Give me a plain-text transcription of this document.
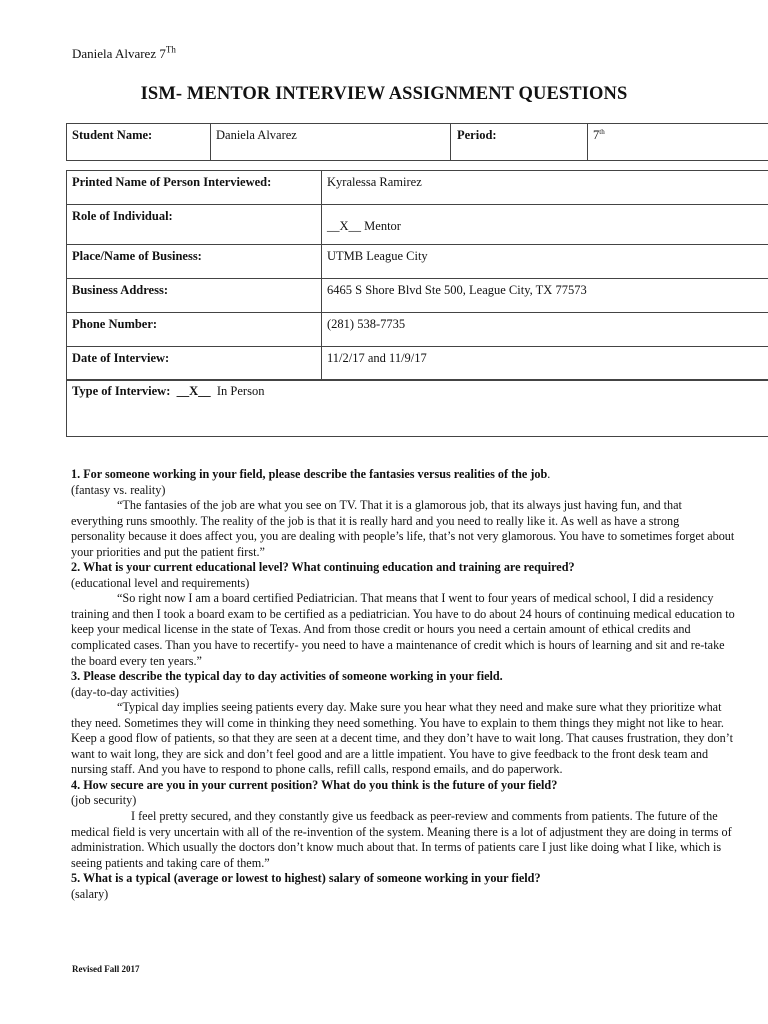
Daniela Alvarez 7Th
ISM- MENTOR INTERVIEW ASSIGNMENT QUESTIONS
Student Name:	Daniela Alvarez	Period:	7th
Printed Name of Person Interviewed:	Kyralessa Ramirez
Role of Individual:	__X__ Mentor
Place/Name of Business:	UTMB League City
Business Address:	6465 S Shore Blvd Ste 500, League City, TX 77573
Phone Number:	(281) 538-7735
Date of Interview:	11/2/17 and 11/9/17
Type of Interview: __X__ In Person
1. For someone working in your field, please describe the fantasies versus realities of the job.
(fantasy vs. reality)

“The fantasies of the job are what you see on TV. That it is a glamorous job, that its always just having fun, and that everything runs smoothly. The reality of the job is that it is really hard and you need to really like it. As well as have a strong personality because it does affect you, you are dealing with people’s life, that’s not very glamorous. You have to sometimes forget about your priorities and put the patient first.”

2. What is your current educational level? What continuing education and training are required?
(educational level and requirements)

“So right now I am a board certified Pediatrician. That means that I went to four years of medical school, I did a residency training and then I took a board exam to be certified as a pediatrician. You have to do about 24 hours of continuing medical education to keep your medical license in the state of Texas. And from those credit or hours you need a certain amount of ethical credits and complicated cases. Than you have to recertify- you need to have a maintenance of credit which is hours of learning and sit and re-take the board every ten years.”

3. Please describe the typical day to day activities of someone working in your field.
(day-to-day activities)

“Typical day implies seeing patients every day. Make sure you hear what they need and make sure what they prioritize what they need. Sometimes they will come in thinking they need something. You have to explain to them things they might not like to hear. Keep a good flow of patients, so that they are seen at a decent time, and they don’t have to wait long. That causes frustration, they don’t want to wait long, they are sick and don’t feel good and are a little impatient. You have to give feedback to the front desk team and nursing staff. And you have to respond to phone calls, refill calls, respond emails, and do paperwork.

4. How secure are you in your current position? What do you think is the future of your field?
(job security)

I feel pretty secured, and they constantly give us feedback as peer-review and comments from patients. The future of the medical field is very uncertain with all of the re-invention of the system. Meaning there is a lot of adjustment they are doing in terms of administration. Which usually the doctors don’t know much about that. In terms of patients care I just like doing what I like, which is seeing patients and taking care of them.”

5. What is a typical (average or lowest to highest) salary of someone working in your field?
(salary)
Revised Fall 2017
